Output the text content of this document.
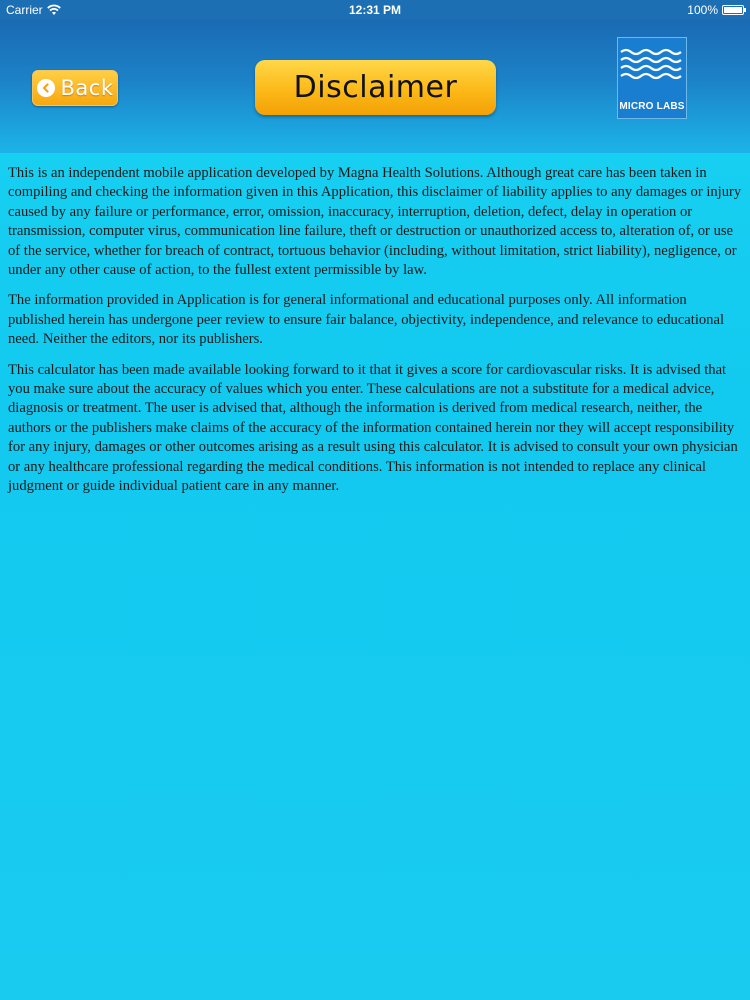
Carrier	12:31 PM	100%
Back	Disclaimer
MICRO LABS

This is an independent mobile application developed by Magna Health Solutions. Although great care has been taken in compiling and checking the information given in this Application, this disclaimer of liability applies to any damages or injury caused by any failure or performance, error, omission, inaccuracy, interruption, deletion, defect, delay in operation or transmission, computer virus, communication line failure, theft or destruction or unauthorized access to, alteration of, or use of the service, whether for breach of contract, tortuous behavior (including, without limitation, strict liability), negligence, or under any other cause of action, to the fullest extent permissible by law.

The information provided in Application is for general informational and educational purposes only. All information published herein has undergone peer review to ensure fair balance, objectivity, independence, and relevance to educational need. Neither the editors, nor its publishers.

This calculator has been made available looking forward to it that it gives a score for cardiovascular risks. It is advised that you make sure about the accuracy of values which you enter. These calculations are not a substitute for a medical advice, diagnosis or treatment. The user is advised that, although the information is derived from medical research, neither, the authors or the publishers make claims of the accuracy of the information contained herein nor they will accept responsibility for any injury, damages or other outcomes arising as a result using this calculator. It is advised to consult your own physician or any healthcare professional regarding the medical conditions. This information is not intended to replace any clinical judgment or guide individual patient care in any manner.
